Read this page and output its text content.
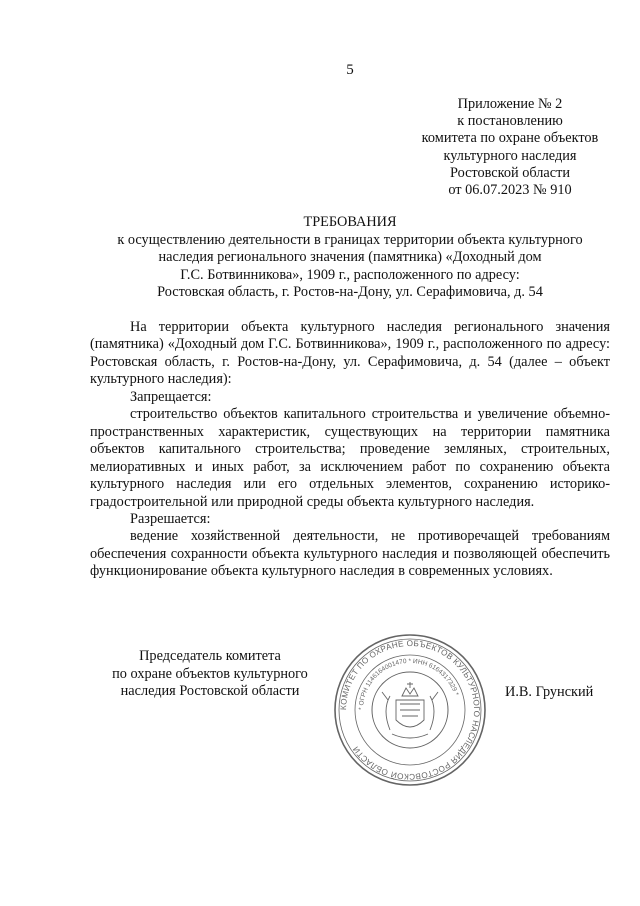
5
Приложение № 2
к постановлению
комитета по охране объектов
культурного наследия
Ростовской области
от 06.07.2023 № 910
ТРЕБОВАНИЯ
к осуществлению деятельности в границах территории объекта культурного
наследия регионального значения (памятника) «Доходный дом
Г.С. Ботвинникова», 1909 г., расположенного по адресу:
Ростовская область, г. Ростов-на-Дону, ул. Серафимовича, д. 54

На территории объекта культурного наследия регионального значения (памятника) «Доходный дом Г.С. Ботвинникова», 1909 г., расположенного по адресу: Ростовская область, г. Ростов-на-Дону, ул. Серафимовича, д. 54 (далее – объект культурного наследия):

Запрещается:

строительство объектов капитального строительства и увеличение объемно-пространственных характеристик, существующих на территории памятника объектов капитального строительства; проведение земляных, строительных, мелиоративных и иных работ, за исключением работ по сохранению объекта культурного наследия или его отдельных элементов, сохранению историко-градостроительной или природной среды объекта культурного наследия.

Разрешается:

ведение хозяйственной деятельности, не противоречащей требованиям обеспечения сохранности объекта культурного наследия и позволяющей обеспечить функционирование объекта культурного наследия в современных условиях.

Председатель комитета
по охране объектов культурного
наследия Ростовской области	И.В. Грунский
КОМИТЕТ ПО ОХРАНЕ ОБЪЕКТОВ КУЛЬТУРНОГО НАСЛЕДИЯ РОСТОВСКОЙ ОБЛАСТИ
* ОГРН 1146164001470 * ИНН 6164317329 *
